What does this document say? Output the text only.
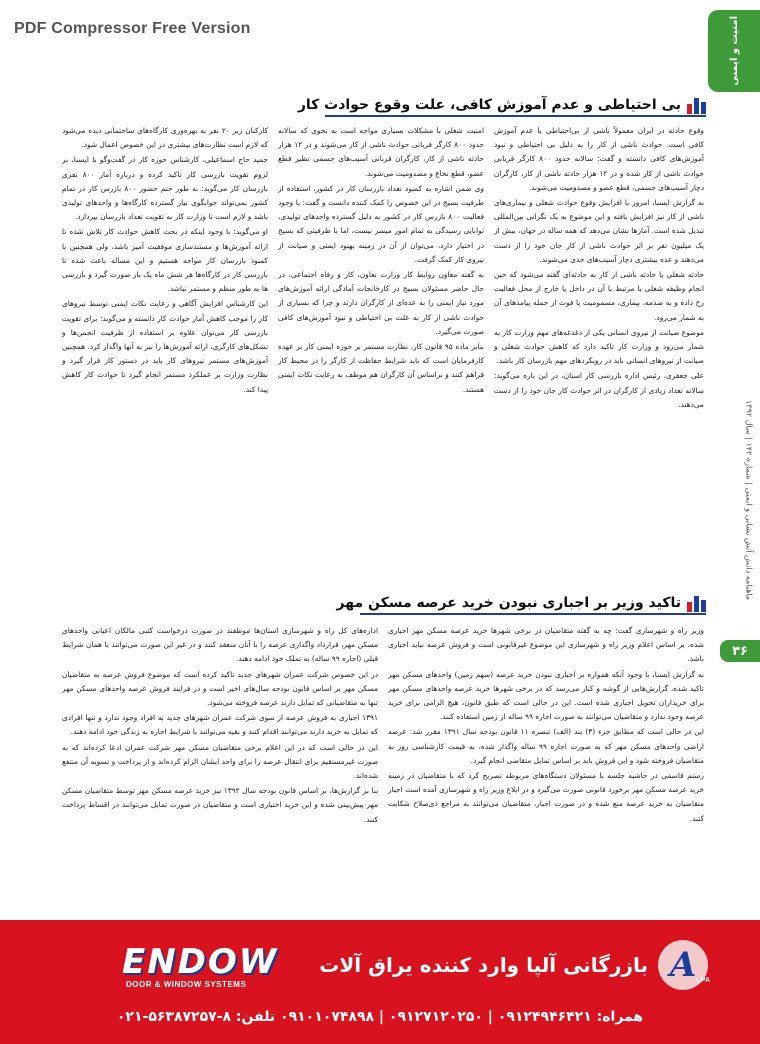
PDF Compressor Free Version	امنیت و ایمنی
ماهنامه دانش آتش نشانی و ایمنی | شماره ۱۴۲ | سال ۱۳۹۲
۳۶
بی احتیاطی و عدم آموزش کافی، علت وقوع حوادث کار

وقوع حادثه در ایران معمولاً ناشی از بی‌احتیاطی یا عدم آموزش کافی است. حوادث ناشی از کار را به دلیل بی احتیاطی و نبود آموزش‌های کافی دانسته و گفت: سالانه حدود ۸۰۰ کارگر قربانی حوادث ناشی از کار شده و در ۱۲ هزار حادثه ناشی از کار، کارگران دچار آسیب‌های جسمی، قطع عضو و مصدومیت می‌شوند.

به گزارش ایسنا، امروز با افزایش وقوع حوادث شغلی و بیماری‌های ناشی از کار نیز افزایش یافته و این موضوع به یک نگرانی بین‌المللی تبدیل شده است. آمارها نشان می‌دهد که همه ساله در جهان، بیش از یک میلیون نفر بر اثر حوادث ناشی از کار جان خود را از دست می‌دهند و عده بیشتری دچار آسیب‌های جدی می‌شوند.

حادثه شغلی یا حادثه ناشی از کار به حادثه‌ای گفته می‌شود که حین انجام وظیفه شغلی یا مرتبط با آن در داخل یا خارج از محل فعالیت رخ داده و به صدمه، بیماری، مسمومیت یا فوت از جمله پیامدهای آن به شمار می‌رود.

موضوع صیانت از نیروی انسانی یکی از دغدغه‌های مهم وزارت کار به شمار می‌رود و وزارت کار تاکید دارد که کاهش حوادث شغلی و صیانت از نیروهای انسانی باید در رویکردهای مهم بازرسان کار باشد.

علی جعفری، رئیس اداره بازرسی کار استان، در این باره می‌گوید: سالانه تعداد زیادی از کارگران در اثر حوادث کار جان خود را از دست می‌دهند.

امنیت شغلی با مشکلات بسیاری مواجه است به نحوی که سالانه حدود ۸۰۰ کارگر قربانی حوادث ناشی از کار می‌شوند و در ۱۲ هزار حادثه ناشی از کار، کارگران قربانی آسیب‌های جسمی نظیر قطع عضو، قطع نخاع و مصدومیت می‌شوند.

وی ضمن اشاره به کمبود تعداد بازرسان کار در کشور، استفاده از ظرفیت بسیج در این خصوص را کمک کننده دانست و گفت: با وجود فعالیت ۸۰۰ بازرس کار در کشور به دلیل گسترده واحدهای تولیدی، توانایی رسیدگی به تمام امور میسر نیست، اما با ظرفیتی که بسیج در اختیار دارد، می‌توان از آن در زمینه بهبود ایمنی و صیانت از نیروی کار کمک گرفت.

به گفته معاون روابط کار وزارت تعاون، کار و رفاه اجتماعی، در حال حاضر مسئولان بسیج در کارخانجات آمادگی ارائه آموزش‌های مورد نیاز ایمنی را به عده‌ای از کارگران دارند و چرا که بسیاری از حوادث ناشی از کار به علت بی احتیاطی و نبود آموزش‌های کافی صورت می‌گیرد.

بنابر ماده ۹۵ قانون کار، نظارت مستمر بر حوزه ایمنی کار بر عهده کارفرمایان است که باید شرایط حفاظت از کارگر را در محیط کار فراهم کنند و براساس آن کارگران هم موظف به رعایت نکات ایمنی هستند.

کارکنان زیر ۲۰ نفر به بهره‌وری کارگاه‌های ساختمانی دیده می‌شود که لازم است نظارت‌های بیشتری در این خصوص اعمال شود.

حمید حاج اسماعیلی، کارشناس حوزه کار در گفت‌وگو با ایسنا، بر لزوم تقویت بازرسی کار تاکید کرده و درباره آمار ۸۰۰ نفری بازرسان کار می‌گوید: به طور حتم حضور ۸۰۰ بازرس کار در تمام کشور نمی‌تواند جوابگوی نیاز گسترده کارگاه‌ها و واحدهای تولیدی باشد و لازم است تا وزارت کار به تقویت تعداد بازرسان بپردازد.

او می‌گوید: با وجود اینکه در بحث کاهش حوادث کار تلاش شده تا ارائه آموزش‌ها و مستندسازی موفقیت آمیز باشد، ولی همچنین با کمبود بازرسان کار مواجه هستیم و این مساله باعث شده تا بازرسی کار در کارگاه‌ها هر شش ماه یک بار صورت گیرد و بازرسی ها به طور منظم و مستمر نباشد.

این کارشناس افزایش آگاهی و رعایت نکات ایمنی توسط نیروهای کار را موجب کاهش آمار حوادث کار دانسته و می‌گوید: برای تقویت بازرسی کار می‌توان علاوه بر استفاده از ظرفیت انجمن‌ها و تشکل‌های کارگری، ارائه آموزش‌ها را نیز به آنها واگذار کرد. همچنین آموزش‌های مستمر نیروهای کار باید در دستور کار قرار گیرد و نظارت وزارت بر عملکرد مستمر انجام گیرد تا حوادث کار کاهش پیدا کند.

تاکید وزیر بر اجباری نبودن خرید عرصه مسکن مهر

وزیر راه و شهرسازی گفت: چه به گفته متقاضیان در برخی شهرها خرید عرصه مسکن مهر اجباری شده، بر اساس اعلام وزیر راه و شهرسازی این موضوع غیرقانونی است و فروش عرصه نباید اجباری باشد.

به گزارش ایسنا، با وجود آنکه همواره بر اجباری نبودن خرید عرصه (سهم زمین) واحدهای مسکن مهر تاکید شده، گزارش‌هایی از گوشه و کنار می‌رسد که در برخی شهرها خرید عرصه واحدهای مسکن مهر برای خریداران تحویل اجباری شده است. این در حالی است که طبق قانون، هیچ الزامی برای خرید عرصه وجود ندارد و متقاضیان می‌توانند به صورت اجاره ۹۹ ساله از زمین استفاده کنند.

این در حالی است که مطابق جزء (۳) بند (الف) تبصره ۱۱ قانون بودجه سال ۱۳۹۱ مقرر شد: عرصه اراضی واحدهای مسکن مهر که به صورت اجاره ۹۹ ساله واگذار شده، به قیمت کارشناسی روز به متقاضیان فروخته شود و این فروش باید بر اساس تمایل متقاضی انجام گیرد.

رستم قاسمی در حاشیه جلسه با مسئولان دستگاه‌های مربوطه تصریح کرد که با متقاضیان در زمینه خرید عرصه مسکن مهر برخورد قانونی صورت می‌گیرد و در ابلاغ وزیر راه و شهرسازی آمده است اجبار متقاضیان به خرید عرصه منع شده و در صورت اجبار، متقاضیان می‌توانند به مراجع ذی‌صلاح شکایت کنند.

اداره‌های کل راه و شهرسازی استان‌ها موظفند در صورت درخواست کتبی مالکان اعیانی واحدهای مسکن مهر، قرارداد واگذاری عرصه را با آنان منعقد کنند و در غیر این صورت می‌توانند با همان شرایط قبلی (اجاره ۹۹ ساله) به تملک خود ادامه دهند.

در این خصوص شرکت عمران شهرهای جدید تاکید کرده است که موضوع فروش عرصه به متقاضیان مسکن مهر بر اساس قانون بودجه سال‌های اخیر است و در فرایند فروش عرصه واحدهای مسکن مهر تنها به متقاضیانی که تمایل دارند عرصه فروخته می‌شود.

۱۳۹۱ اجباری به فروش عرصه از سوی شرکت عمران شهرهای جدید به افراد وجود ندارد و تنها افرادی که تمایل به خرید دارند می‌توانند اقدام کنند و بقیه می‌توانند با شرایط اجاره به زندگی خود ادامه دهند.

این در حالی است که در این اعلام برخی متقاضیان مسکن مهر شرکت عمران ادعا کرده‌اند که به صورت غیرمستقیم برای انتقال عرصه را برای واحد ایشان الزام کرده‌اند و از پرداخت و تسویه آن منتفع شده‌اند.

بنا بر گزارش‌ها، بر اساس قانون بودجه سال ۱۳۹۲ نیز خرید عرصه مسکن مهر توسط متقاضیان مسکن مهر پیش‌بینی شده و این خرید اختیاری است و متقاضیان در صورت تمایل می‌توانند در اقساط پرداخت کنند.

ENDOW
DOOR & WINDOW SYSTEMS	A LPA
بازرگانی آلپا وارد کننده یراق آلات
همراه: ۰۹۱۲۴۹۴۶۴۲۱ | ۰۹۱۲۷۱۲۰۲۵۰ | ۰۹۱۰۱۰۷۴۸۹۸ تلفن: ۸-۵۶۳۸۷۲۵۷-۰۲۱
